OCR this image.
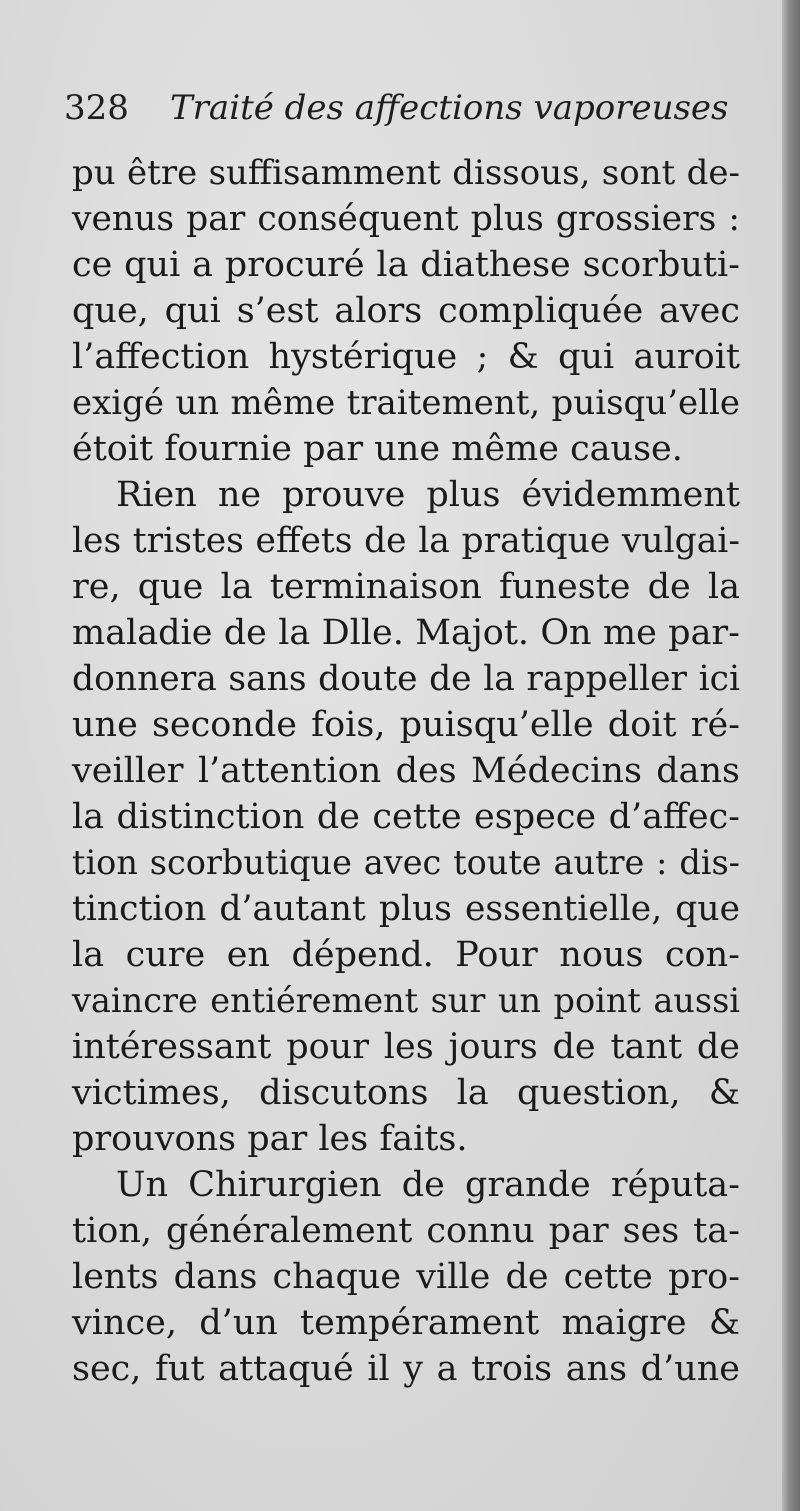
328 Traité des affections vaporeuses
pu être suffisamment dissous, sont de-
venus par conséquent plus grossiers :
ce qui a procuré la diathese scorbuti-
que, qui s’est alors compliquée avec
l’affection hystérique ; & qui auroit
exigé un même traitement, puisqu’elle
étoit fournie par une même cause.
Rien ne prouve plus évidemment
les tristes effets de la pratique vulgai-
re, que la terminaison funeste de la
maladie de la Dlle. Majot. On me par-
donnera sans doute de la rappeller ici
une seconde fois, puisqu’elle doit ré-
veiller l’attention des Médecins dans
la distinction de cette espece d’affec-
tion scorbutique avec toute autre : dis-
tinction d’autant plus essentielle, que
la cure en dépend. Pour nous con-
vaincre entiérement sur un point aussi
intéressant pour les jours de tant de
victimes, discutons la question, &
prouvons par les faits.
Un Chirurgien de grande réputa-
tion, généralement connu par ses ta-
lents dans chaque ville de cette pro-
vince, d’un tempérament maigre &
sec, fut attaqué il y a trois ans d’une
